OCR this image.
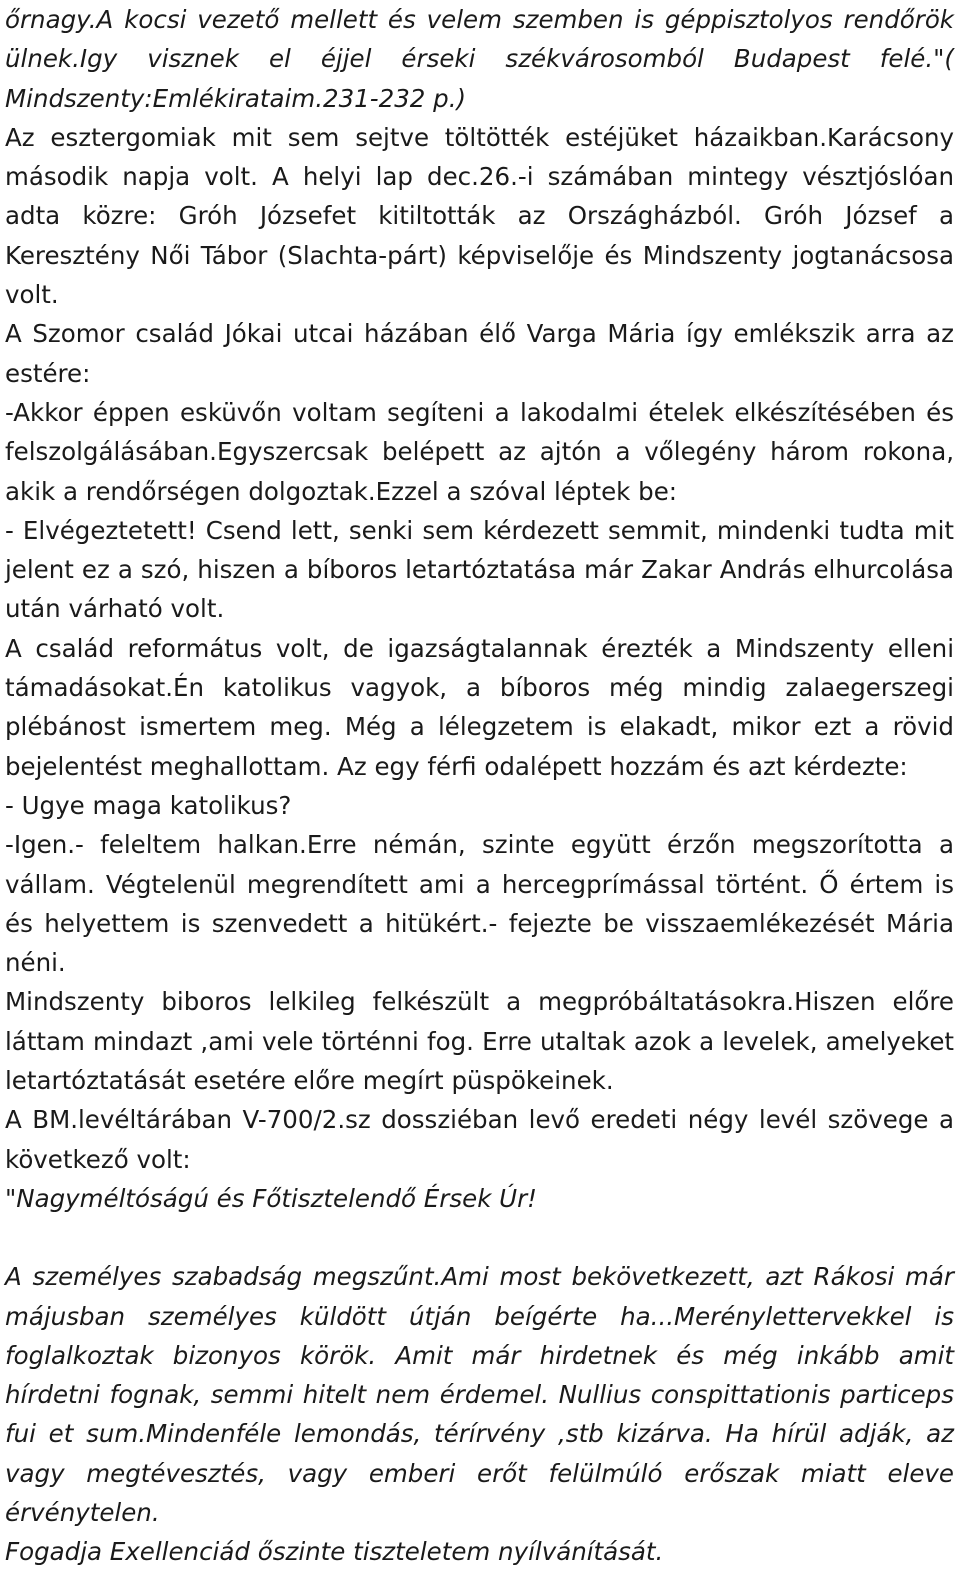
őrnagy.A kocsi vezető mellett és velem szemben is géppisztolyos rendőrök ülnek.Igy visznek el éjjel érseki székvárosomból Budapest felé."( Mindszenty:Emlékirataim.231-232 p.)

Az esztergomiak mit sem sejtve töltötték estéjüket házaikban.Karácsony második napja volt. A helyi lap dec.26.-i számában mintegy vésztjóslóan adta közre: Gróh Józsefet kitiltották az Országházból. Gróh József a Keresztény Női Tábor (Slachta-párt) képviselője és Mindszenty jogtanácsosa volt.

A Szomor család Jókai utcai házában élő Varga Mária így emlékszik arra az estére:

-Akkor éppen esküvőn voltam segíteni a lakodalmi ételek elkészítésében és felszolgálásában.Egyszercsak belépett az ajtón a vőlegény három rokona, akik a rendőrségen dolgoztak.Ezzel a szóval léptek be:

- Elvégeztetett! Csend lett, senki sem kérdezett semmit, mindenki tudta mit jelent ez a szó, hiszen a bíboros letartóztatása már Zakar András elhurcolása után várható volt.

A család református volt, de igazságtalannak érezték a Mindszenty elleni támadásokat.Én katolikus vagyok, a bíboros még mindig zalaegerszegi plébánost ismertem meg. Még a lélegzetem is elakadt, mikor ezt a rövid bejelentést meghallottam. Az egy férfi odalépett hozzám és azt kérdezte:

- Ugye maga katolikus?

-Igen.- feleltem halkan.Erre némán, szinte együtt érzőn megszorította a vállam. Végtelenül megrendített ami a hercegprímással történt. Ő értem is és helyettem is szenvedett a hitükért.- fejezte be visszaemlékezését Mária néni.

Mindszenty biboros lelkileg felkészült a megpróbáltatásokra.Hiszen előre láttam mindazt ,ami vele történni fog. Erre utaltak azok a levelek, amelyeket letartóztatását esetére előre megírt püspökeinek.

A BM.levéltárában V-700/2.sz dossziéban levő eredeti négy levél szövege a következő volt:

"Nagyméltóságú és Főtisztelendő Érsek Úr!

A személyes szabadság megszűnt.Ami most bekövetkezett, azt Rákosi már májusban személyes küldött útján beígérte ha...Merénylettervekkel is foglalkoztak bizonyos körök. Amit már hirdetnek és még inkább amit hírdetni fognak, semmi hitelt nem érdemel. Nullius conspittationis particeps fui et sum.Mindenféle lemondás, térírvény ,stb kizárva. Ha hírül adják, az vagy megtévesztés, vagy emberi erőt felülmúló erőszak miatt eleve érvénytelen.

Fogadja Exellenciád őszinte tiszteletem nyílvánítását.
